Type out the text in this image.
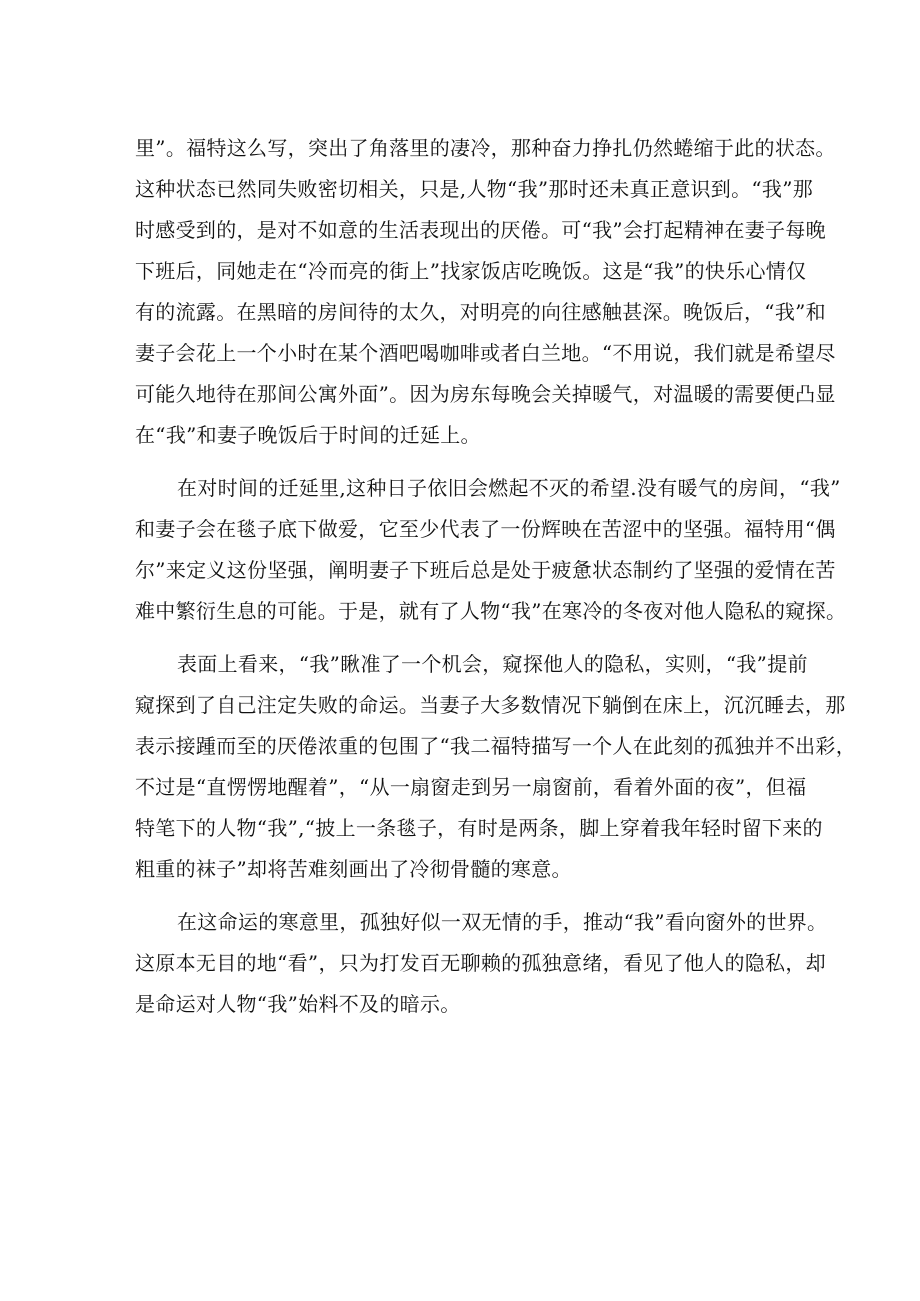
里”。福特这么写，突出了角落里的凄冷，那种奋力挣扎仍然蜷缩于此的状态。
这种状态已然同失败密切相关，只是,人物“我”那时还未真正意识到。“我”那
时感受到的，是对不如意的生活表现出的厌倦。可“我”会打起精神在妻子每晚
下班后，同她走在“冷而亮的街上”找家饭店吃晚饭。这是“我”的快乐心情仅
有的流露。在黑暗的房间待的太久，对明亮的向往感触甚深。晚饭后，“我”和
妻子会花上一个小时在某个酒吧喝咖啡或者白兰地。“不用说，我们就是希望尽
可能久地待在那间公寓外面”。因为房东每晚会关掉暖气，对温暖的需要便凸显
在“我”和妻子晚饭后于时间的迁延上。
在对时间的迁延里,这种日子依旧会燃起不灭的希望.没有暖气的房间，“我”
和妻子会在毯子底下做爱，它至少代表了一份辉映在苦涩中的坚强。福特用“偶
尔”来定义这份坚强，阐明妻子下班后总是处于疲惫状态制约了坚强的爱情在苦
难中繁衍生息的可能。于是，就有了人物“我”在寒冷的冬夜对他人隐私的窥探。
表面上看来，“我”瞅准了一个机会，窥探他人的隐私，实则，“我”提前
窥探到了自己注定失败的命运。当妻子大多数情况下躺倒在床上，沉沉睡去，那
表示接踵而至的厌倦浓重的包围了“我二福特描写一个人在此刻的孤独并不出彩，
不过是“直愣愣地醒着”，“从一扇窗走到另一扇窗前，看着外面的夜”，但福
特笔下的人物“我”,“披上一条毯子，有时是两条，脚上穿着我年轻时留下来的
粗重的袜子”却将苦难刻画出了冷彻骨髓的寒意。
在这命运的寒意里，孤独好似一双无情的手，推动“我”看向窗外的世界。
这原本无目的地“看”，只为打发百无聊赖的孤独意绪，看见了他人的隐私，却
是命运对人物“我”始料不及的暗示。
